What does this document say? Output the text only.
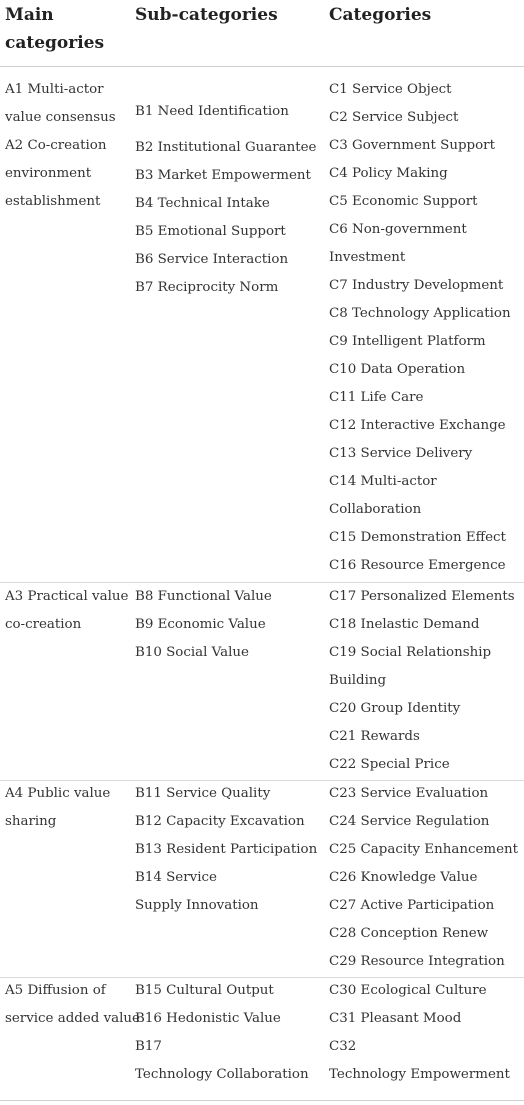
Main
categories
Sub-categories	Categories
A1 Multi-actor
value consensus
A2 Co-creation
environment
establishment
B1 Need Identification
B2 Institutional Guarantee
B3 Market Empowerment
B4 Technical Intake
B5 Emotional Support
B6 Service Interaction
B7 Reciprocity Norm
C1 Service Object
C2 Service Subject
C3 Government Support
C4 Policy Making
C5 Economic Support
C6 Non-government
Investment
C7 Industry Development
C8 Technology Application
C9 Intelligent Platform
C10 Data Operation
C11 Life Care
C12 Interactive Exchange
C13 Service Delivery
C14 Multi-actor
Collaboration
C15 Demonstration Effect
C16 Resource Emergence
A3 Practical value
co-creation
B8 Functional Value
B9 Economic Value
B10 Social Value
C17 Personalized Elements
C18 Inelastic Demand
C19 Social Relationship
Building
C20 Group Identity
C21 Rewards
C22 Special Price
A4 Public value
sharing
B11 Service Quality
B12 Capacity Excavation
B13 Resident Participation
B14 Service
Supply Innovation
C23 Service Evaluation
C24 Service Regulation
C25 Capacity Enhancement
C26 Knowledge Value
C27 Active Participation
C28 Conception Renew
C29 Resource Integration
A5 Diffusion of
service added value
B15 Cultural Output
B16 Hedonistic Value
B17
Technology Collaboration
C30 Ecological Culture
C31 Pleasant Mood
C32
Technology Empowerment
